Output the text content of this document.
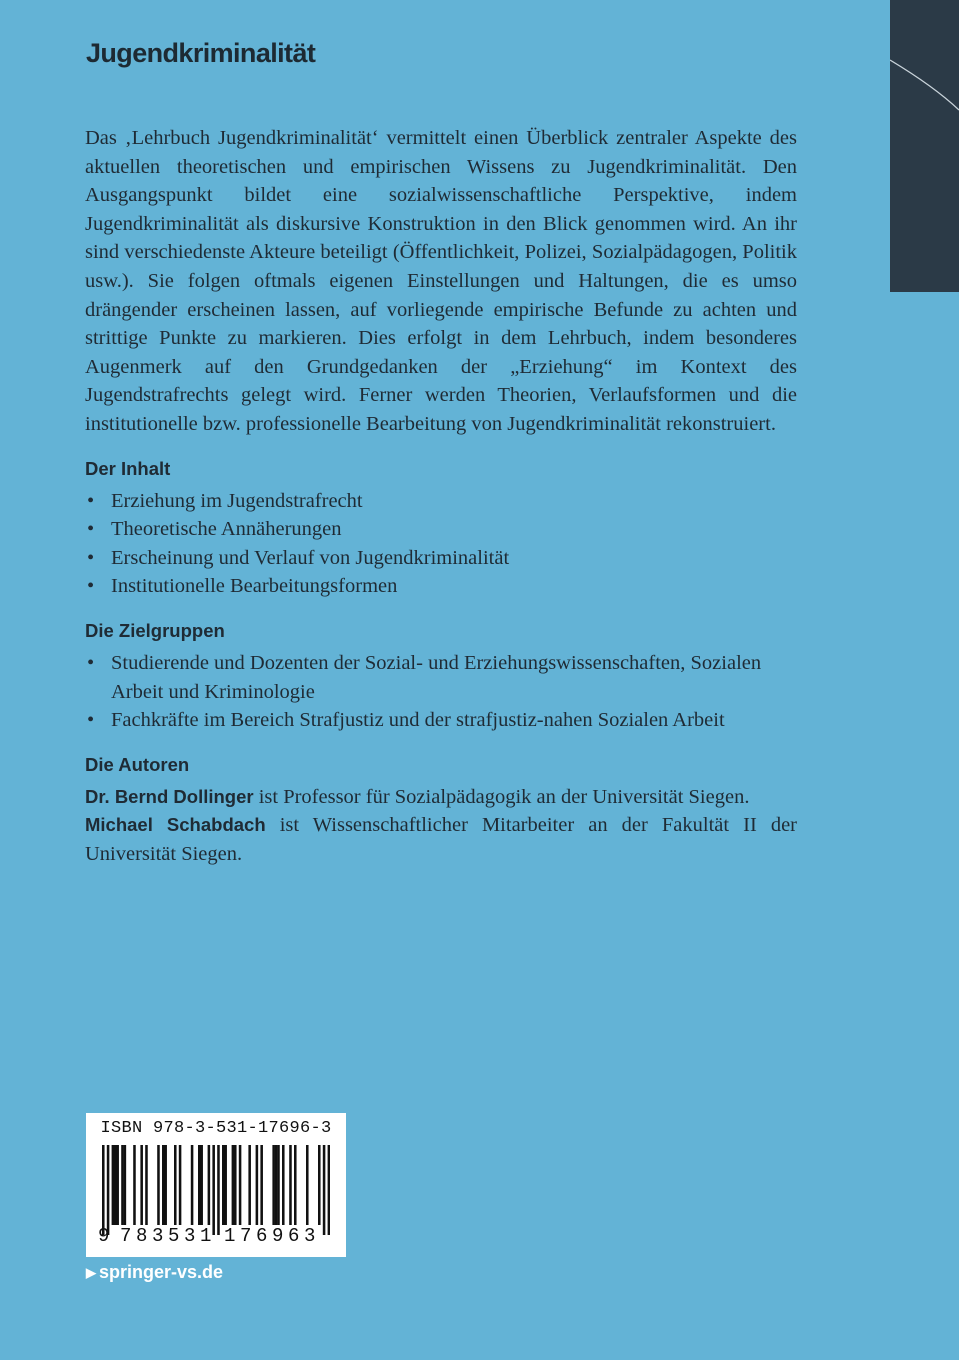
Jugendkriminalität

Das ‚Lehrbuch Jugendkriminalität‘ vermittelt einen Überblick zentraler Aspekte des aktuellen theoretischen und empirischen Wissens zu Jugendkriminalität. Den Ausgangspunkt bildet eine sozialwissenschaftliche Perspektive, indem Jugendkriminalität als diskursive Konstruktion in den Blick genommen wird. An ihr sind verschiedenste Akteure beteiligt (Öffentlichkeit, Polizei, Sozialpädagogen, Politik usw.). Sie folgen oftmals eigenen Einstellungen und Haltungen, die es umso drängender erscheinen lassen, auf vorliegende empirische Befunde zu achten und strittige Punkte zu markieren. Dies erfolgt in dem Lehrbuch, indem besonderes Augenmerk auf den Grundgedanken der „Erziehung“ im Kontext des Jugendstrafrechts gelegt wird. Ferner werden Theorien, Verlaufsformen und die institutionelle bzw. professionelle Bearbeitung von Jugendkriminalität rekonstruiert.

Der Inhalt
• Erziehung im Jugendstrafrecht
• Theoretische Annäherungen
• Erscheinung und Verlauf von Jugendkriminalität
• Institutionelle Bearbeitungsformen
Die Zielgruppen
• Studierende und Dozenten der Sozial- und Erziehungswissenschaften, Sozialen Arbeit und Kriminologie
• Fachkräfte im Bereich Strafjustiz und der strafjustiz-nahen Sozialen Arbeit
Die Autoren

Dr. Bernd Dollinger ist Professor für Sozialpädagogik an der Universität Siegen.

Michael Schabdach ist Wissenschaftlicher Mitarbeiter an der Fakultät II der Universität Siegen.

ISBN 978-3-531-17696-3
9 7 8 3 5 3 1 1 7 6 9 6 3
▶ springer-vs.de
